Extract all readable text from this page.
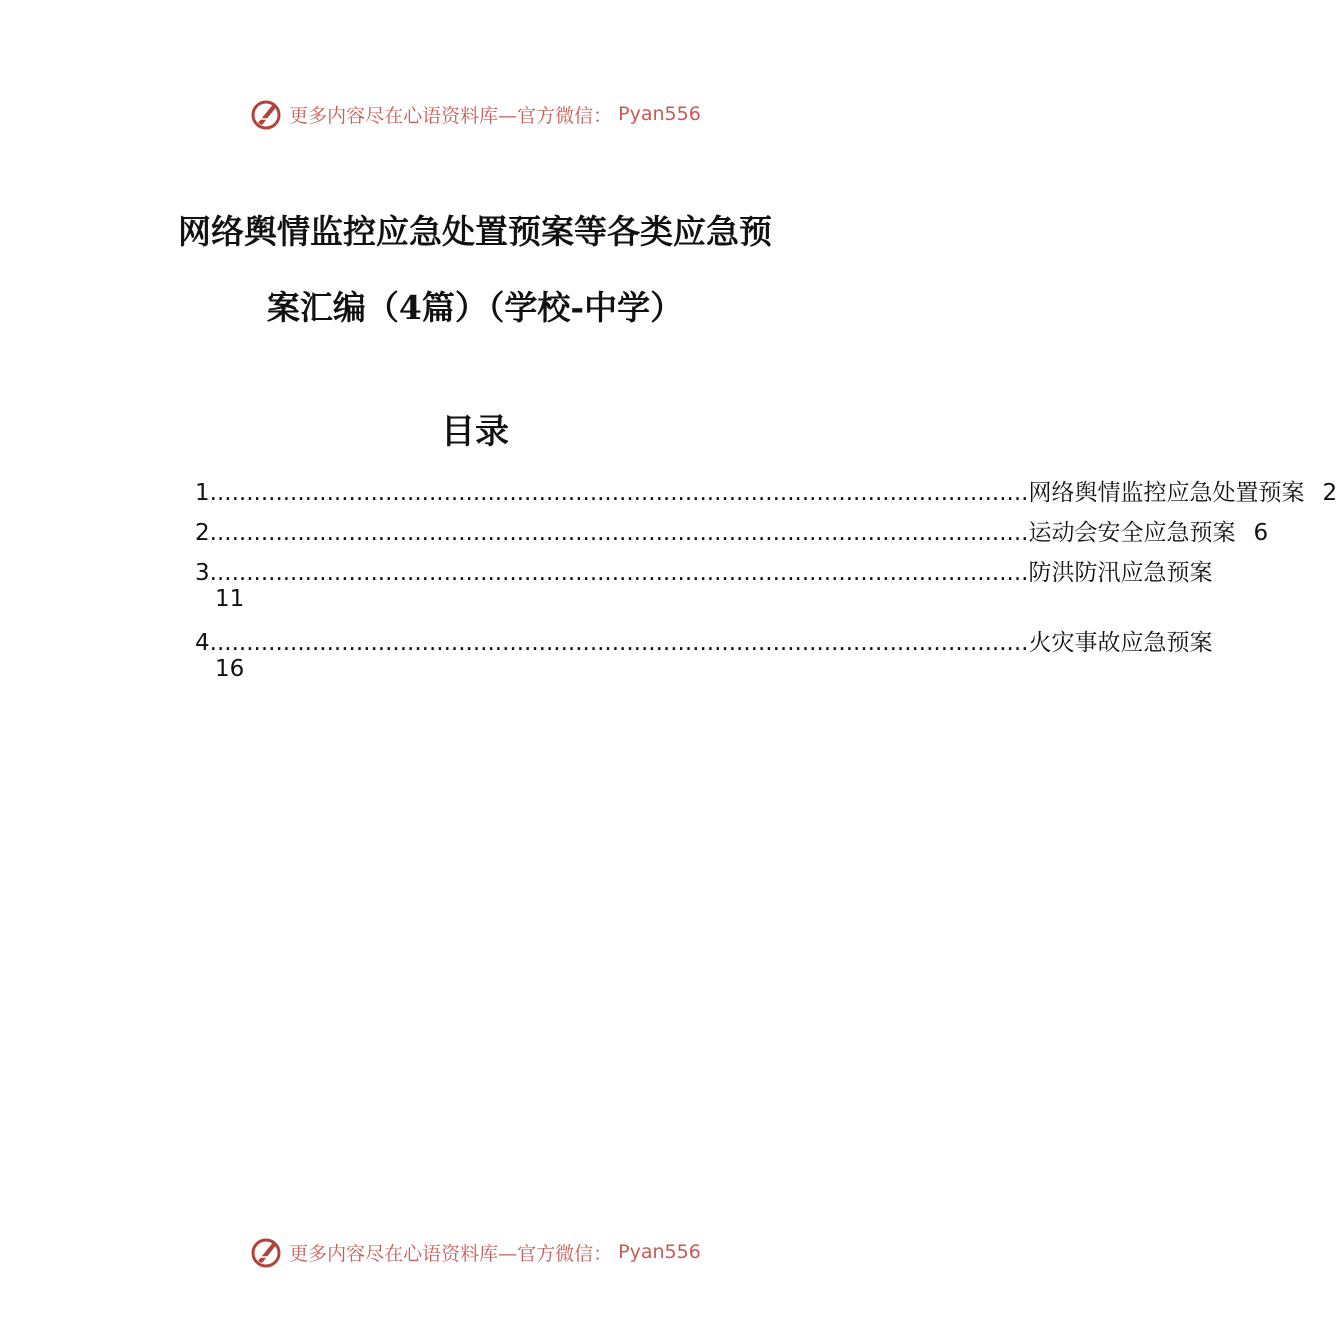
更多内容尽在心语资料库—官方微信： Pyan556
网络舆情监控应急处置预案等各类应急预
案汇编（4篇）（学校-中学）
目录
1 ................................................................................................................ 网络舆情监控应急处置预案 2
2 ................................................................................................................ 运动会安全应急预案 6
3 ................................................................................................................ 防洪防汛应急预案
11
4 ................................................................................................................ 火灾事故应急预案
16
更多内容尽在心语资料库—官方微信： Pyan556
